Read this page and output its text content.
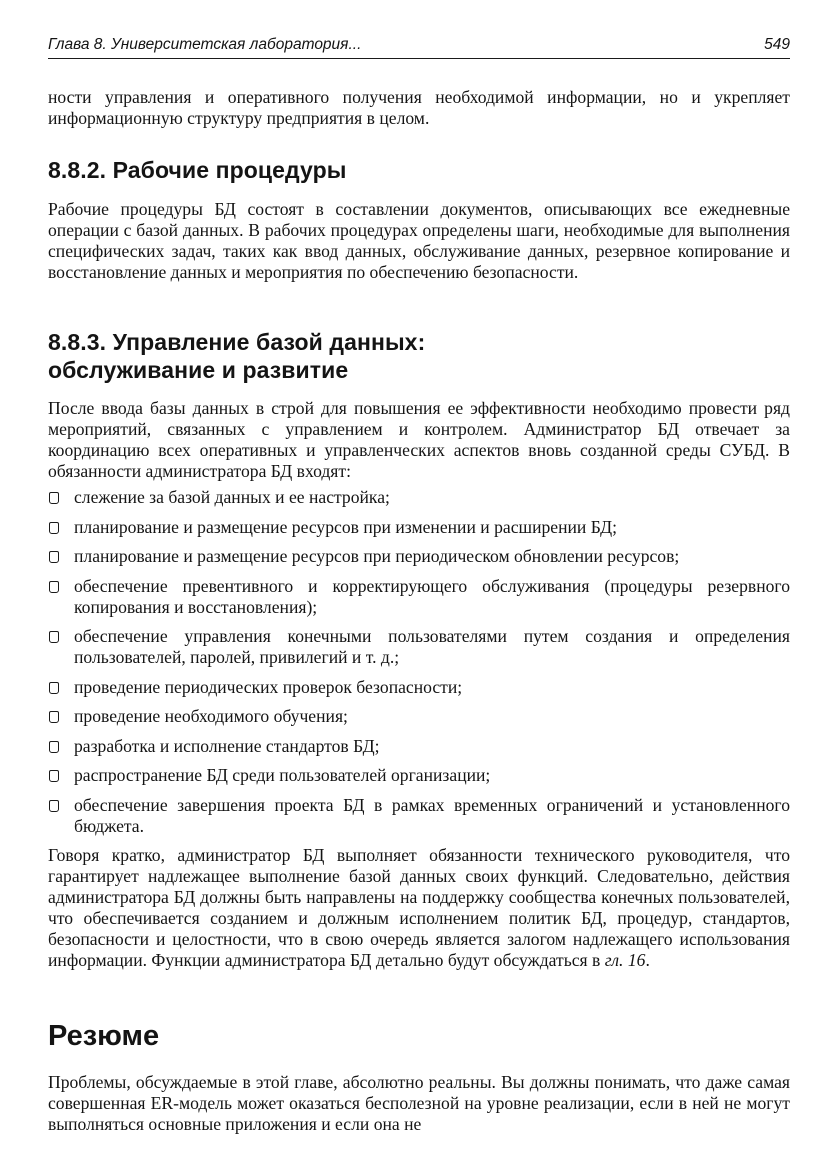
Глава 8. Университетская лаборатория...	549

ности управления и оперативного получения необходимой информации, но и укрепляет информационную структуру предприятия в целом.

8.8.2. Рабочие процедуры

Рабочие процедуры БД состоят в составлении документов, описывающих все ежедневные операции с базой данных. В рабочих процедурах определены шаги, необходимые для выполнения специфических задач, таких как ввод данных, обслуживание данных, резервное копирование и восстановление данных и мероприятия по обеспечению безопасности.

8.8.3. Управление базой данных:
обслуживание и развитие

После ввода базы данных в строй для повышения ее эффективности необходимо провести ряд мероприятий, связанных с управлением и контролем. Администратор БД отвечает за координацию всех оперативных и управленческих аспектов вновь созданной среды СУБД. В обязанности администратора БД входят:

слежение за базой данных и ее настройка;
планирование и размещение ресурсов при изменении и расширении БД;
планирование и размещение ресурсов при периодическом обновлении ресурсов;
обеспечение превентивного и корректирующего обслуживания (процедуры резервного копирования и восстановления);
обеспечение управления конечными пользователями путем создания и определения пользователей, паролей, привилегий и т. д.;
проведение периодических проверок безопасности;
проведение необходимого обучения;
разработка и исполнение стандартов БД;
распространение БД среди пользователей организации;
обеспечение завершения проекта БД в рамках временных ограничений и установленного бюджета.

Говоря кратко, администратор БД выполняет обязанности технического руководителя, что гарантирует надлежащее выполнение базой данных своих функций. Следовательно, действия администратора БД должны быть направлены на поддержку сообщества конечных пользователей, что обеспечивается созданием и должным исполнением политик БД, процедур, стандартов, безопасности и целостности, что в свою очередь является залогом надлежащего использования информации. Функции администратора БД детально будут обсуждаться в гл. 16.

Резюме

Проблемы, обсуждаемые в этой главе, абсолютно реальны. Вы должны понимать, что даже самая совершенная ER-модель может оказаться бесполезной на уровне реализации, если в ней не могут выполняться основные приложения и если она не
